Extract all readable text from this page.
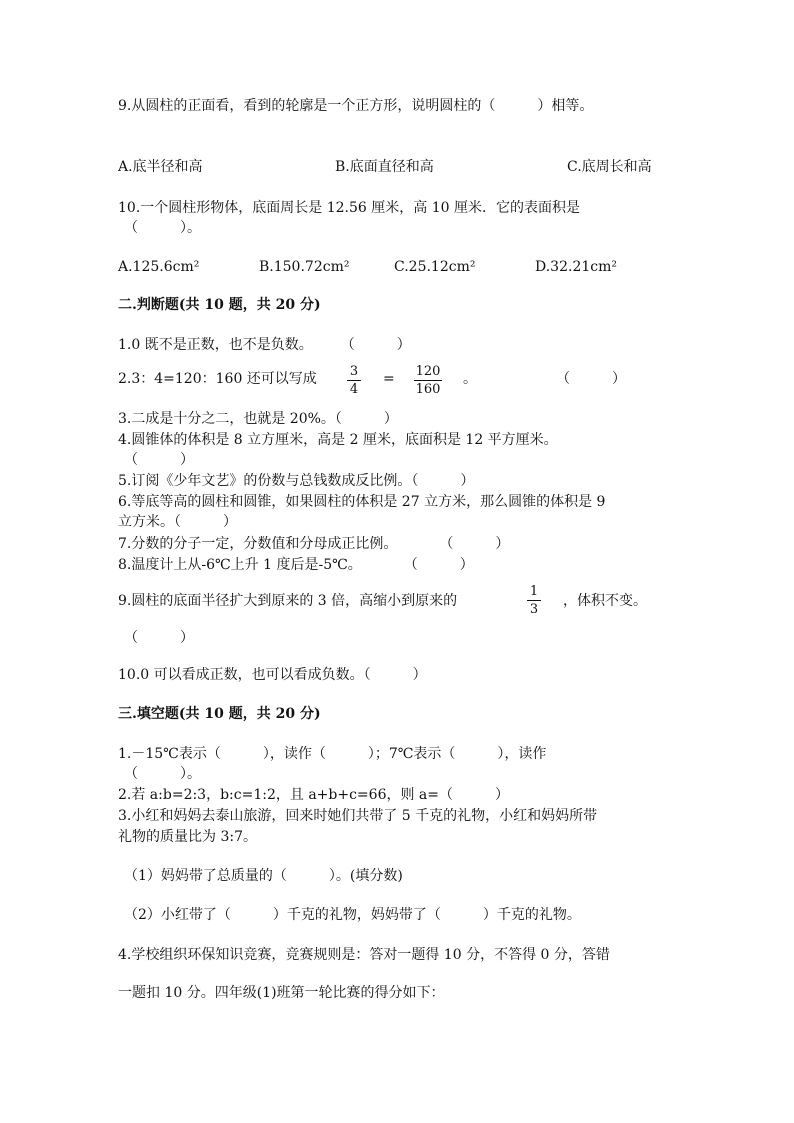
9.从圆柱的正面看，看到的轮廓是一个正方形，说明圆柱的（　　　）相等。
A.底半径和高	B.底面直径和高	C.底周长和高
10.一个圆柱形物体，底面周长是 12.56 厘米，高 10 厘米．它的表面积是
（　　　）。
A.125.6cm²	B.150.72cm²	C.25.12cm²	D.32.21cm²
二.判断题(共 10 题，共 20 分)
1.0 既不是正数，也不是负数。　　　（　　　）
2.3：4=120：160 还可以写成	3
4
= 120
160
。	（　　　）
3.二成是十分之二，也就是 20%。（　　　）
4.圆锥体的体积是 8 立方厘米，高是 2 厘米，底面积是 12 平方厘米。
（　　　）
5.订阅《少年文艺》的份数与总钱数成反比例。（　　　）
6.等底等高的圆柱和圆锥，如果圆柱的体积是 27 立方米，那么圆锥的体积是 9
立方米。（　　　）
7.分数的分子一定，分数值和分母成正比例。　　　　（　　　）
8.温度计上从-6℃上升 1 度后是-5℃。　　　　（　　　）
9.圆柱的底面半径扩大到原来的 3 倍，高缩小到原来的
1
3
，体积不变。
（　　　）
10.0 可以看成正数，也可以看成负数。（　　　）
三.填空题(共 10 题，共 20 分)
1.－15℃表示（　　　），读作（　　　）；7℃表示（　　　），读作
（　　　）。
2.若 a:b=2:3，b:c=1:2，且 a+b+c=66，则 a=（　　　）
3.小红和妈妈去泰山旅游，回来时她们共带了 5 千克的礼物，小红和妈妈所带
礼物的质量比为 3:7。
（1）妈妈带了总质量的（　　　）。(填分数)
（2）小红带了（　　　）千克的礼物，妈妈带了（　　　）千克的礼物。
4.学校组织环保知识竞赛，竞赛规则是：答对一题得 10 分，不答得 0 分，答错
一题扣 10 分。四年级(1)班第一轮比赛的得分如下：
